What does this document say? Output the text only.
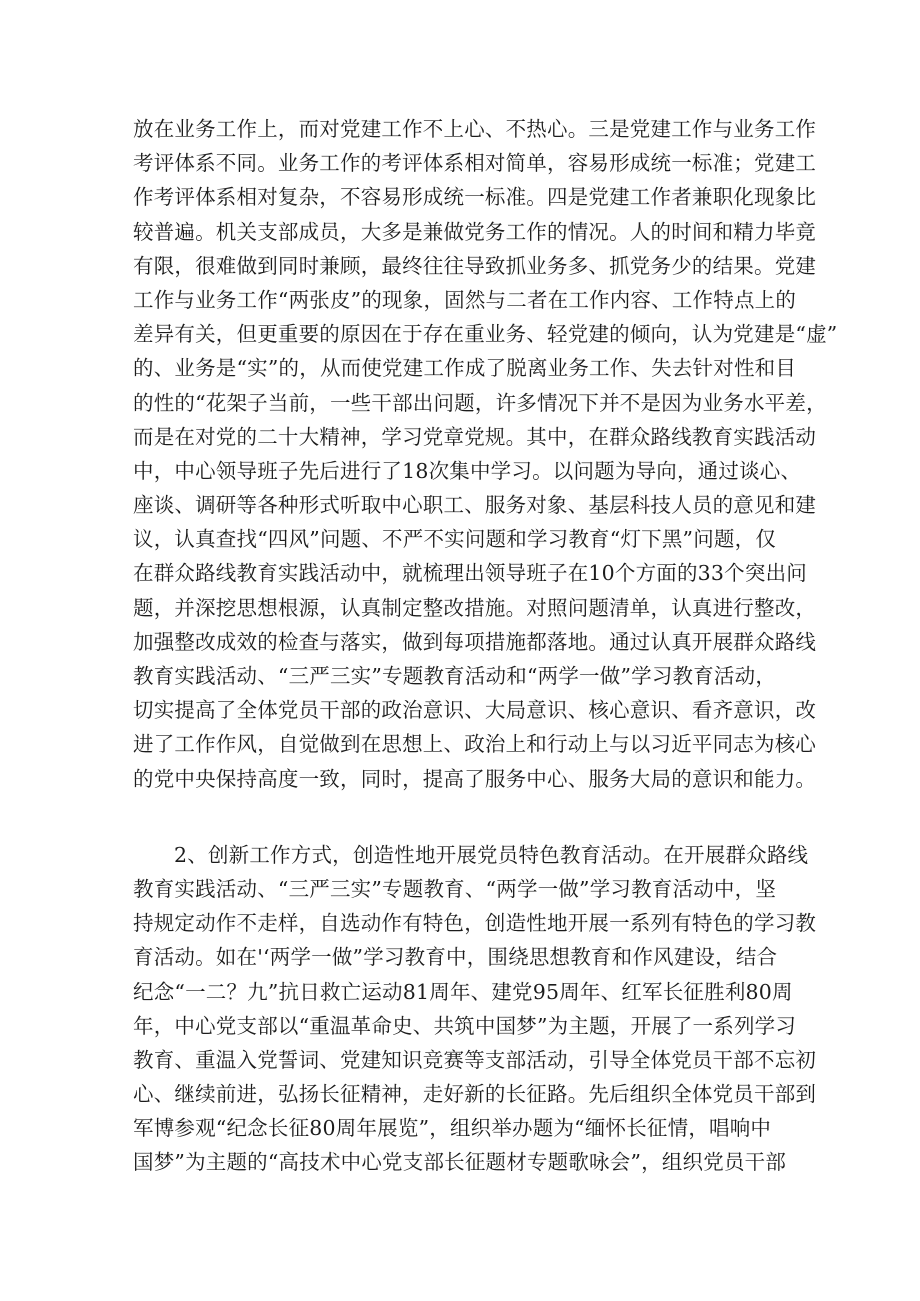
放在业务工作上，而对党建工作不上心、不热心。三是党建工作与业务工作
考评体系不同。业务工作的考评体系相对简单，容易形成统一标准；党建工
作考评体系相对复杂，不容易形成统一标准。四是党建工作者兼职化现象比
较普遍。机关支部成员，大多是兼做党务工作的情况。人的时间和精力毕竟
有限，很难做到同时兼顾，最终往往导致抓业务多、抓党务少的结果。党建
工作与业务工作“两张皮”的现象，固然与二者在工作内容、工作特点上的
差异有关，但更重要的原因在于存在重业务、轻党建的倾向，认为党建是“虚”
的、业务是“实”的，从而使党建工作成了脱离业务工作、失去针对性和目
的性的“花架子当前，一些干部出问题，许多情况下并不是因为业务水平差，
而是在对党的二十大精神，学习党章党规。其中，在群众路线教育实践活动
中，中心领导班子先后进行了18次集中学习。以问题为导向，通过谈心、
座谈、调研等各种形式听取中心职工、服务对象、基层科技人员的意见和建
议，认真查找“四风”问题、不严不实问题和学习教育“灯下黑”问题，仅
在群众路线教育实践活动中，就梳理出领导班子在10个方面的33个突出问
题，并深挖思想根源，认真制定整改措施。对照问题清单，认真进行整改，
加强整改成效的检查与落实，做到每项措施都落地。通过认真开展群众路线
教育实践活动、“三严三实”专题教育活动和“两学一做”学习教育活动，
切实提高了全体党员干部的政治意识、大局意识、核心意识、看齐意识，改
进了工作作风，自觉做到在思想上、政治上和行动上与以习近平同志为核心
的党中央保持高度一致，同时，提高了服务中心、服务大局的意识和能力。
2、创新工作方式，创造性地开展党员特色教育活动。在开展群众路线
教育实践活动、“三严三实”专题教育、“两学一做”学习教育活动中，坚
持规定动作不走样，自选动作有特色，创造性地开展一系列有特色的学习教
育活动。如在'‘两学一做”学习教育中，围绕思想教育和作风建设，结合
纪念“一二？九”抗日救亡运动81周年、建党95周年、红军长征胜利80周
年，中心党支部以“重温革命史、共筑中国梦”为主题，开展了一系列学习
教育、重温入党誓词、党建知识竞赛等支部活动，引导全体党员干部不忘初
心、继续前进，弘扬长征精神，走好新的长征路。先后组织全体党员干部到
军博参观“纪念长征80周年展览”，组织举办题为“缅怀长征情，唱响中
国梦”为主题的“高技术中心党支部长征题材专题歌咏会”，组织党员干部
